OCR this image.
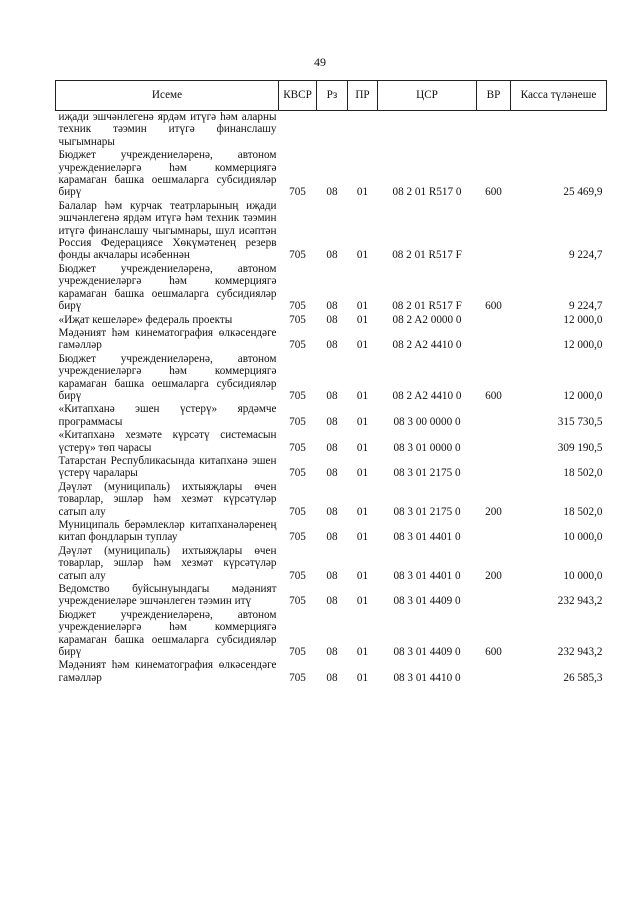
49
Исеме	КВСР	Рз	ПР	ЦСР	ВР	Касса түләнеше
иҗади эшчәнлегенә ярдәм итүгә һәм аларны техник тәэмин итүгә финанслашу чыгымнары						
Бюджет учреждениеләренә, автоном учреждениеләргә һәм коммерциягә карамаган башка оешмаларга субсидияләр бирү	705	08	01	08 2 01 R517 0	600	25 469,9
Балалар һәм курчак театрларының иҗади эшчәнлегенә ярдәм итүгә һәм техник тәэмин итүгә финанслашу чыгымнары, шул исәптән Россия Федерациясе Хөкүмәтенең резерв фонды акчалары исәбеннән	705	08	01	08 2 01 R517 F		9 224,7
Бюджет учреждениеләренә, автоном учреждениеләргә һәм коммерциягә карамаган башка оешмаларга субсидияләр бирү	705	08	01	08 2 01 R517 F	600	9 224,7
«Иҗат кешеләре» федераль проекты	705	08	01	08 2 A2 0000 0		12 000,0
Мәдәният һәм кинематография өлкәсендәге гамәлләр	705	08	01	08 2 A2 4410 0		12 000,0
Бюджет учреждениеләренә, автоном учреждениеләргә һәм коммерциягә карамаган башка оешмаларга субсидияләр бирү	705	08	01	08 2 A2 4410 0	600	12 000,0
«Китапханә эшен үстерү» ярдәмче программасы	705	08	01	08 3 00 0000 0		315 730,5
«Китапханә хезмәте күрсәтү системасын үстерү» төп чарасы	705	08	01	08 3 01 0000 0		309 190,5
Татарстан Республикасында китапханә эшен үстерү чаралары	705	08	01	08 3 01 2175 0		18 502,0
Дәүләт (муниципаль) ихтыяҗлары өчен товарлар, эшләр һәм хезмәт күрсәтүләр сатып алу	705	08	01	08 3 01 2175 0	200	18 502,0
Муниципаль берәмлекләр китапханәләренең китап фондларын туплау	705	08	01	08 3 01 4401 0		10 000,0
Дәүләт (муниципаль) ихтыяҗлары өчен товарлар, эшләр һәм хезмәт күрсәтүләр сатып алу	705	08	01	08 3 01 4401 0	200	10 000,0
Ведомство буйсынуындагы мәдәният учреждениеләре эшчәнлеген тәэмин итү	705	08	01	08 3 01 4409 0		232 943,2
Бюджет учреждениеләренә, автоном учреждениеләргә һәм коммерциягә карамаган башка оешмаларга субсидияләр бирү	705	08	01	08 3 01 4409 0	600	232 943,2
Мәдәният һәм кинематография өлкәсендәге гамәлләр	705	08	01	08 3 01 4410 0		26 585,3
